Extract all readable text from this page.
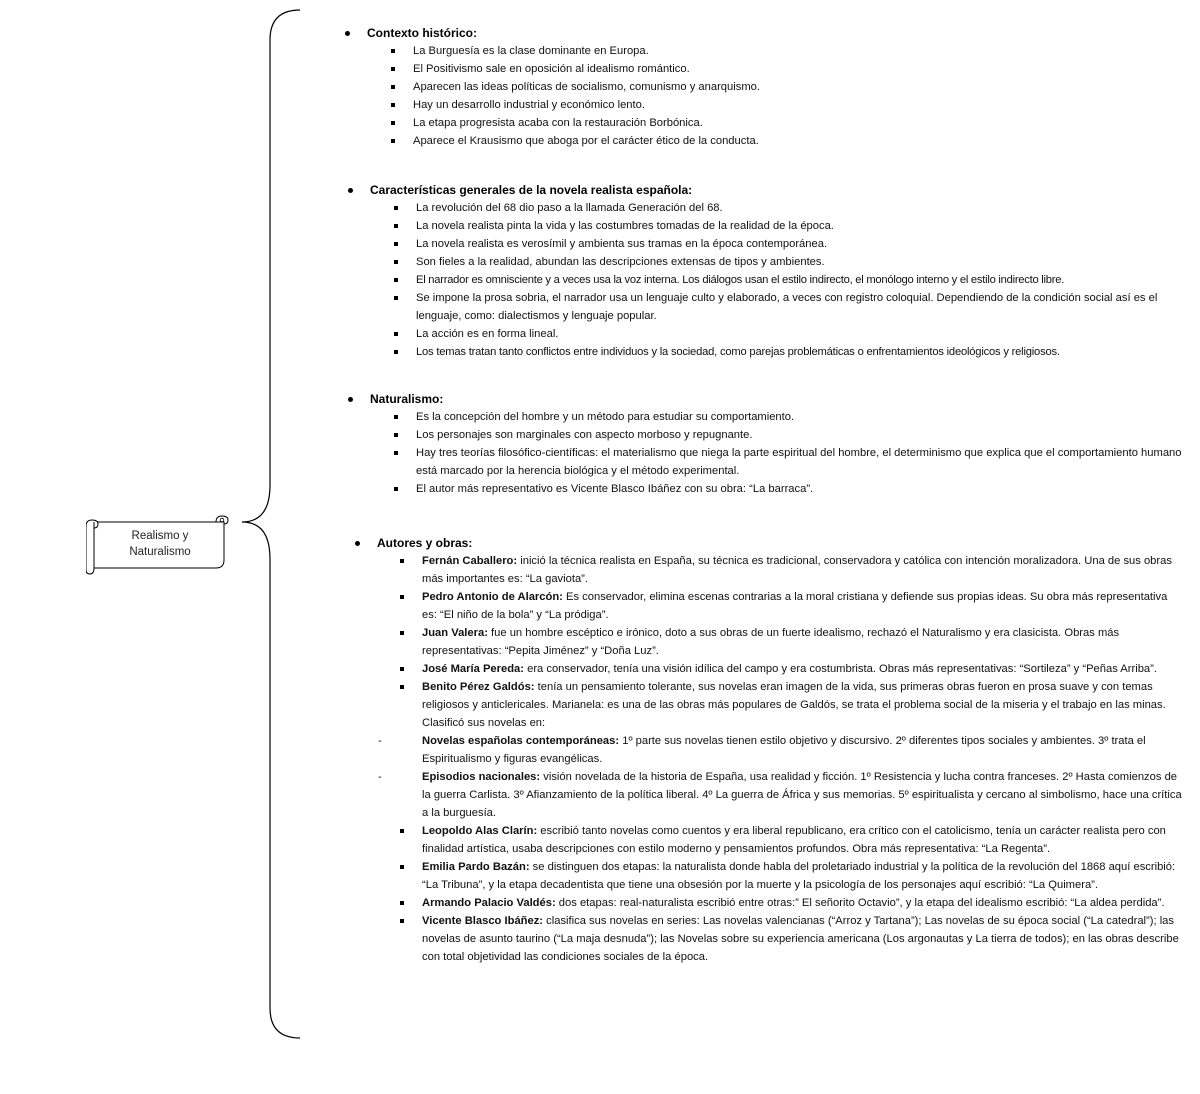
Realismo y
Naturalismo
Contexto histórico:
La Burguesía es la clase dominante en Europa.
El Positivismo sale en oposición al idealismo romántico.
Aparecen las ideas políticas de socialismo, comunismo y anarquismo.
Hay un desarrollo industrial y económico lento.
La etapa progresista acaba con la restauración Borbónica.
Aparece el Krausismo que aboga por el carácter ético de la conducta.
Características generales de la novela realista española:
La revolución del 68 dio paso a la llamada Generación del 68.
La novela realista pinta la vida y las costumbres tomadas de la realidad de la época.
La novela realista es verosímil y ambienta sus tramas en la época contemporánea.
Son fieles a la realidad, abundan las descripciones extensas de tipos y ambientes.
El narrador es omnisciente y a veces usa la voz interna. Los diálogos usan el estilo indirecto, el monólogo interno y el estilo indirecto libre.
Se impone la prosa sobria, el narrador usa un lenguaje culto y elaborado, a veces con registro coloquial. Dependiendo de la condición social así es el lenguaje, como: dialectismos y lenguaje popular.
La acción es en forma lineal.
Los temas tratan tanto conflictos entre individuos y la sociedad, como parejas problemáticas o enfrentamientos ideológicos y religiosos.
Naturalismo:
Es la concepción del hombre y un método para estudiar su comportamiento.
Los personajes son marginales con aspecto morboso y repugnante.
Hay tres teorías filosófico-científicas: el materialismo que niega la parte espiritual del hombre, el determinismo que explica que el comportamiento humano está marcado por la herencia biológica y el método experimental.
El autor más representativo es Vicente Blasco Ibáñez con su obra: “La barraca”.
Autores y obras:
Fernán Caballero: inició la técnica realista en España, su técnica es tradicional, conservadora y católica con intención moralizadora. Una de sus obras más importantes es: “La gaviota”.
Pedro Antonio de Alarcón: Es conservador, elimina escenas contrarias a la moral cristiana y defiende sus propias ideas. Su obra más representativa es: “El niño de la bola” y “La pródiga”.
Juan Valera: fue un hombre escéptico e irónico, doto a sus obras de un fuerte idealismo, rechazó el Naturalismo y era clasicista. Obras más representativas: “Pepita Jiménez” y “Doña Luz”.
José María Pereda: era conservador, tenía una visión idílica del campo y era costumbrista. Obras más representativas: “Sortileza” y “Peñas Arriba”.
Benito Pérez Galdós: tenía un pensamiento tolerante, sus novelas eran imagen de la vida, sus primeras obras fueron en prosa suave y con temas religiosos y anticlericales. Marianela: es una de las obras más populares de Galdós, se trata el problema social de la miseria y el trabajo en las minas. Clasificó sus novelas en:
-	Novelas españolas contemporáneas: 1º parte sus novelas tienen estilo objetivo y discursivo. 2º diferentes tipos sociales y ambientes. 3º trata el Espiritualismo y figuras evangélicas.
-	Episodios nacionales: visión novelada de la historia de España, usa realidad y ficción. 1º Resistencia y lucha contra franceses. 2º Hasta comienzos de la guerra Carlista. 3º Afianzamiento de la política liberal. 4º La guerra de África y sus memorias. 5º espiritualista y cercano al simbolismo, hace una crítica a la burguesía.
Leopoldo Alas Clarín: escribió tanto novelas como cuentos y era liberal republicano, era crítico con el catolicismo, tenía un carácter realista pero con finalidad artística, usaba descripciones con estilo moderno y pensamientos profundos. Obra más representativa: “La Regenta”.
Emilia Pardo Bazán: se distinguen dos etapas: la naturalista donde habla del proletariado industrial y la política de la revolución del 1868 aquí escribió: “La Tribuna”, y la etapa decadentista que tiene una obsesión por la muerte y la psicología de los personajes aquí escribió: “La Quimera”.
Armando Palacio Valdés: dos etapas: real-naturalista escribió entre otras:” El señorito Octavio”, y la etapa del idealismo escribió: “La aldea perdida”.
Vicente Blasco Ibáñez: clasifica sus novelas en series: Las novelas valencianas (“Arroz y Tartana”); Las novelas de su época social (“La catedral”); las novelas de asunto taurino (“La maja desnuda”); las Novelas sobre su experiencia americana (Los argonautas y La tierra de todos); en las obras describe con total objetividad las condiciones sociales de la época.
